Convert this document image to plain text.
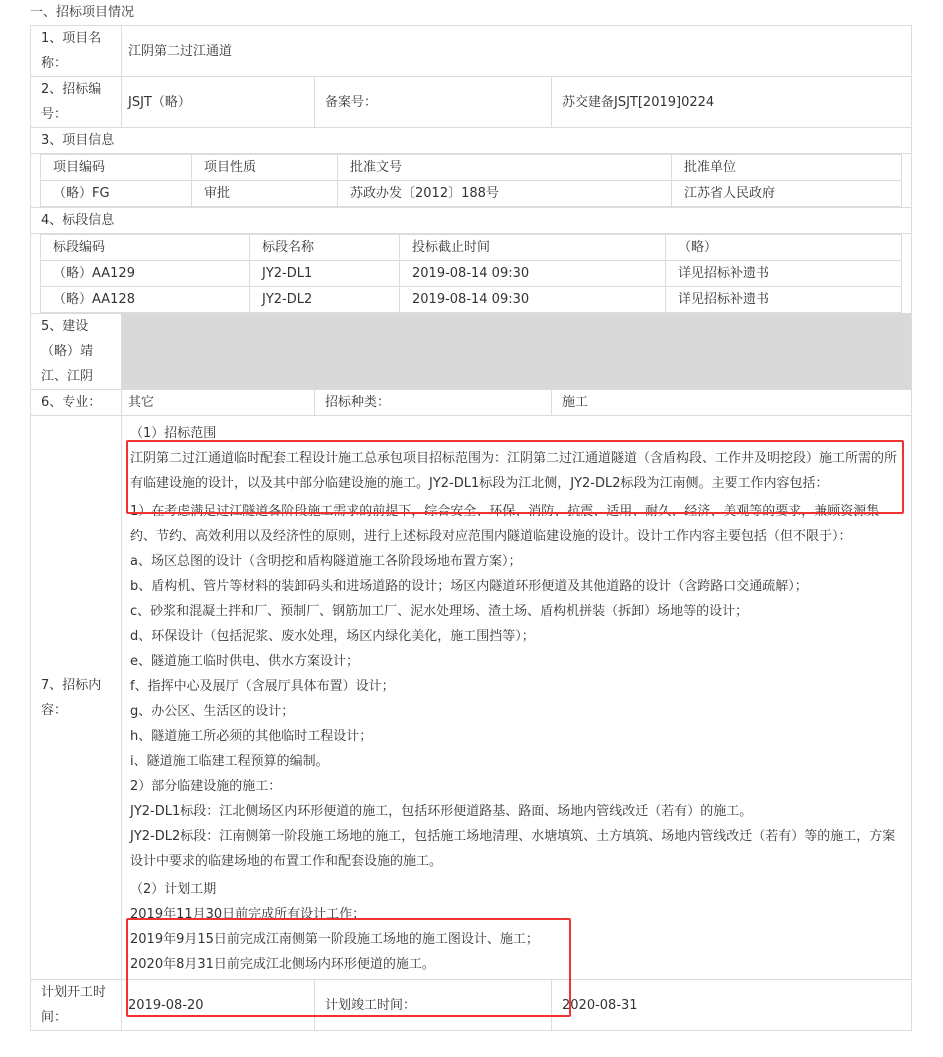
一、招标项目情况
1、项目名称：	江阴第二过江通道
2、招标编号：	JSJT（略）	备案号：	苏交建备JSJT[2019]0224
3、项目信息

项目编码	项目性质	批准文号	批准单位
（略）FG	审批	苏政办发〔2012〕188号	江苏省人民政府

4、标段信息

标段编码	标段名称	投标截止时间	（略）
（略）AA129	JY2-DL1	2019-08-14 09:30	详见招标补遗书
（略）AA128	JY2-DL2	2019-08-14 09:30	详见招标补遗书

5、建设（略）靖江、江阴	
6、专业：	其它	招标种类：	施工
7、招标内容：	
（1）招标范围
江阴第二过江通道临时配套工程设计施工总承包项目招标范围为：江阴第二过江通道隧道（含盾构段、工作井及明挖段）施工所需的所有临建设施的设计，以及其中部分临建设施的施工。JY2-DL1标段为江北侧，JY2-DL2标段为江南侧。主要工作内容包括：
1）在考虑满足过江隧道各阶段施工需求的前提下，综合安全、环保、消防、抗震、适用、耐久、经济、美观等的要求，兼顾资源集约、节约、高效利用以及经济性的原则，进行上述标段对应范围内隧道临建设施的设计。设计工作内容主要包括（但不限于）：
a、场区总图的设计（含明挖和盾构隧道施工各阶段场地布置方案）；
b、盾构机、管片等材料的装卸码头和进场道路的设计；场区内隧道环形便道及其他道路的设计（含跨路口交通疏解）；
c、砂浆和混凝土拌和厂、预制厂、钢筋加工厂、泥水处理场、渣土场、盾构机拼装（拆卸）场地等的设计；
d、环保设计（包括泥浆、废水处理，场区内绿化美化，施工围挡等）；
e、隧道施工临时供电、供水方案设计；
f、指挥中心及展厅（含展厅具体布置）设计；
g、办公区、生活区的设计；
h、隧道施工所必须的其他临时工程设计；
i、隧道施工临建工程预算的编制。
2）部分临建设施的施工：
JY2-DL1标段：江北侧场区内环形便道的施工，包括环形便道路基、路面、场地内管线改迁（若有）的施工。
JY2-DL2标段：江南侧第一阶段施工场地的施工，包括施工场地清理、水塘填筑、土方填筑、场地内管线改迁（若有）等的施工，方案设计中要求的临建场地的布置工作和配套设施的施工。
（2）计划工期
2019年11月30日前完成所有设计工作；
2019年9月15日前完成江南侧第一阶段施工场地的施工图设计、施工；
2020年8月31日前完成江北侧场内环形便道的施工。

计划开工时间：	2019-08-20	计划竣工时间：	2020-08-31
